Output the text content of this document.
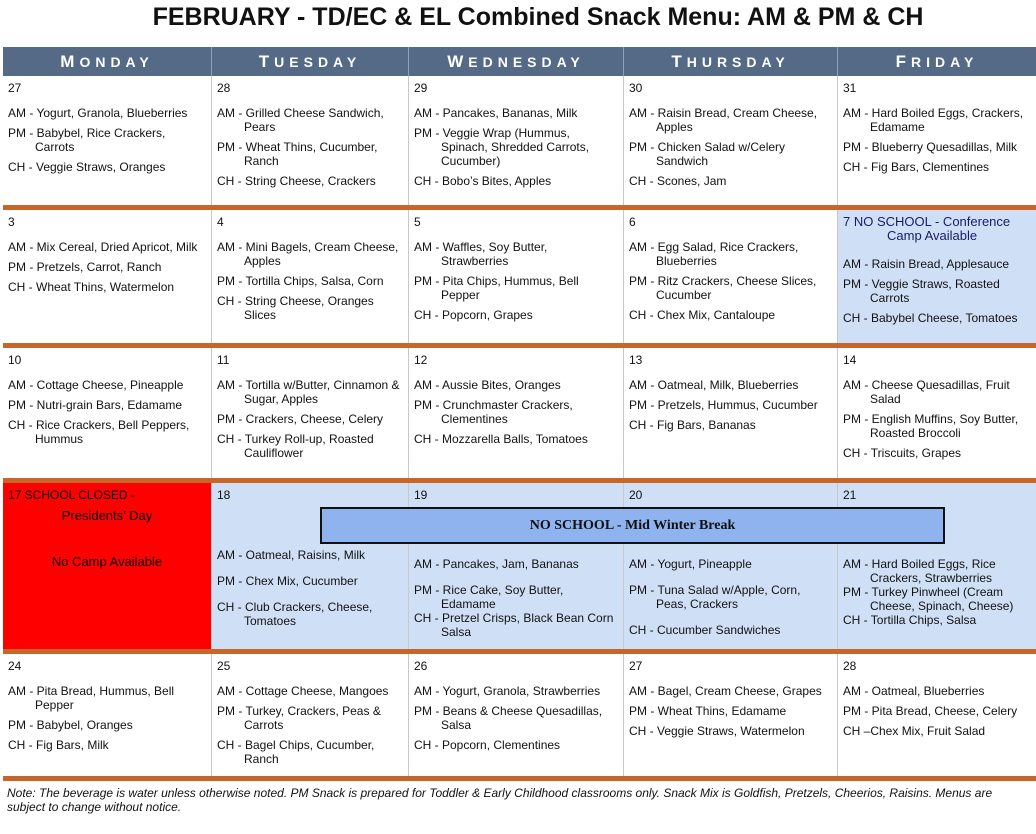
FEBRUARY - TD/EC & EL Combined Snack Menu: AM & PM & CH
M ONDAY	T UESDAY	W EDNESDAY	T HURSDAY	F RIDAY
27
AM - Yogurt, Granola, Blueberries
PM - Babybel, Rice Crackers, Carrots
CH - Veggie Straws, Oranges
28
AM - Grilled Cheese Sandwich, Pears
PM - Wheat Thins, Cucumber, Ranch
CH - String Cheese, Crackers
29
AM - Pancakes, Bananas, Milk
PM - Veggie Wrap (Hummus, Spinach, Shredded Carrots, Cucumber)
CH - Bobo’s Bites, Apples
30
AM - Raisin Bread, Cream Cheese, Apples
PM - Chicken Salad w/Celery Sandwich
CH - Scones, Jam
31
AM - Hard Boiled Eggs, Crackers, Edamame
PM - Blueberry Quesadillas, Milk
CH - Fig Bars, Clementines
3
AM - Mix Cereal, Dried Apricot, Milk
PM - Pretzels, Carrot, Ranch
CH - Wheat Thins, Watermelon
4
AM - Mini Bagels, Cream Cheese, Apples
PM - Tortilla Chips, Salsa, Corn
CH - String Cheese, Oranges Slices
5
AM - Waffles, Soy Butter, Strawberries
PM - Pita Chips, Hummus, Bell Pepper
CH - Popcorn, Grapes
6
AM - Egg Salad, Rice Crackers, Blueberries
PM - Ritz Crackers, Cheese Slices, Cucumber
CH - Chex Mix, Cantaloupe
7 NO SCHOOL - Conference
Camp Available
AM - Raisin Bread, Applesauce
PM - Veggie Straws, Roasted Carrots
CH - Babybel Cheese, Tomatoes
10
AM - Cottage Cheese, Pineapple
PM - Nutri-grain Bars, Edamame
CH - Rice Crackers, Bell Peppers, Hummus
11
AM - Tortilla w/Butter, Cinnamon & Sugar, Apples
PM - Crackers, Cheese, Celery
CH - Turkey Roll-up, Roasted Cauliflower
12
AM - Aussie Bites, Oranges
PM - Crunchmaster Crackers, Clementines
CH - Mozzarella Balls, Tomatoes
13
AM - Oatmeal, Milk, Blueberries
PM - Pretzels, Hummus, Cucumber
CH - Fig Bars, Bananas
14
AM - Cheese Quesadillas, Fruit Salad
PM - English Muffins, Soy Butter, Roasted Broccoli
CH - Triscuits, Grapes
17 SCHOOL CLOSED -
Presidents’ Day
No Camp Available
18
AM - Oatmeal, Raisins, Milk
PM - Chex Mix, Cucumber
CH - Club Crackers, Cheese, Tomatoes
19
AM - Pancakes, Jam, Bananas
PM - Rice Cake, Soy Butter, Edamame
CH - Pretzel Crisps, Black Bean Corn Salsa
20
AM - Yogurt, Pineapple
PM - Tuna Salad w/Apple, Corn, Peas, Crackers
CH - Cucumber Sandwiches
21
AM - Hard Boiled Eggs, Rice Crackers, Strawberries
PM - Turkey Pinwheel (Cream Cheese, Spinach, Cheese)
CH - Tortilla Chips, Salsa
24
AM - Pita Bread, Hummus, Bell Pepper
PM - Babybel, Oranges
CH - Fig Bars, Milk
25
AM - Cottage Cheese, Mangoes
PM - Turkey, Crackers, Peas & Carrots
CH - Bagel Chips, Cucumber, Ranch
26
AM - Yogurt, Granola, Strawberries
PM - Beans & Cheese Quesadillas, Salsa
CH - Popcorn, Clementines
27
AM - Bagel, Cream Cheese, Grapes
PM - Wheat Thins, Edamame
CH - Veggie Straws, Watermelon
28
AM - Oatmeal, Blueberries
PM - Pita Bread, Cheese, Celery
CH –Chex Mix, Fruit Salad
NO SCHOOL - Mid Winter Break
Note: The beverage is water unless otherwise noted. PM Snack is prepared for Toddler & Early Childhood classrooms only. Snack Mix is Goldfish, Pretzels, Cheerios, Raisins. Menus are subject to change without notice.
